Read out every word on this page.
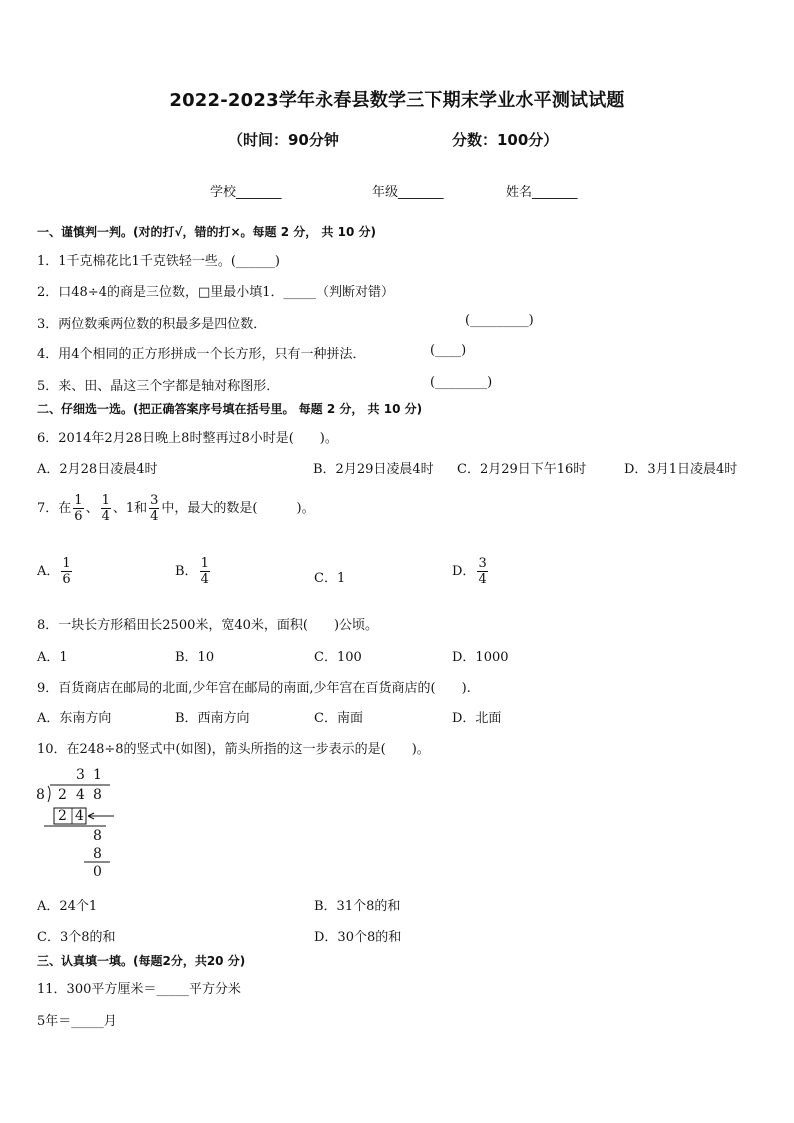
2022-2023学年永春县数学三下期末学业水平测试试题
（时间：90分钟	分数：100分）
学校_______	年级_______	姓名_______
一、谨慎判一判。(对的打√，错的打×。每题 2 分， 共 10 分)
1．1千克棉花比1千克铁轻一些。(______)
2．口48÷4的商是三位数，□里最小填1．_____（判断对错）
3．两位数乘两位数的积最多是四位数．	(_________)
4．用4个相同的正方形拼成一个长方形，只有一种拼法．	(____)
5．来、田、晶这三个字都是轴对称图形．	(________)
二、仔细选一选。(把正确答案序号填在括号里。 每题 2 分， 共 10 分)
6．2014年2月28日晚上8时整再过8小时是(　　)。
A．2月28日凌晨4时	B．2月29日凌晨4时 C．2月29日下午16时	D．3月1日凌晨4时
7．在 $\frac{1}{6}$ 、 $\frac{1}{4}$ 、1和 $\frac{3}{4}$ 中，最大的数是(　　　)。
A． $\frac{1}{6}$	B． $\frac{1}{4}$	C．1	D． $\frac{3}{4}$
8．一块长方形稻田长2500米，宽40米，面积(　　)公顷。
A．1	B．10	C．100	D．1000
9．百货商店在邮局的北面,少年宫在邮局的南面,少年宫在百货商店的(　　).
A．东南方向	B．西南方向	C．南面	D．北面
10．在248÷8的竖式中(如图)，箭头所指的这一步表示的是(　　)。
3 1
8 2 4 8
2 4
8
8
0
A．24个1	B．31个8的和
C．3个8的和	D．30个8的和
三、认真填一填。(每题2分，共20 分)
11．300平方厘米＝_____平方分米
5年＝_____月
